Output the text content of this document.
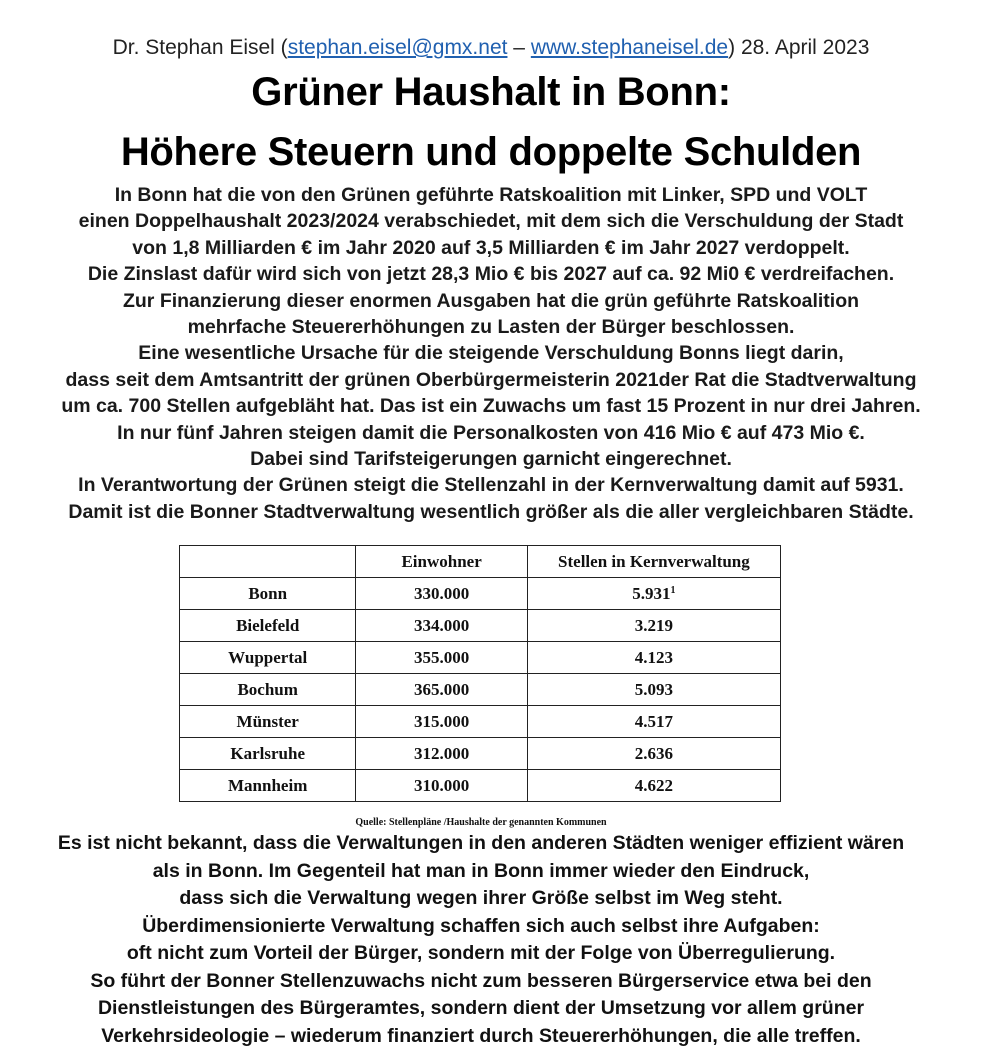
Dr. Stephan Eisel (stephan.eisel@gmx.net – www.stephaneisel.de) 28. April 2023
Grüner Haushalt in Bonn:
Höhere Steuern und doppelte Schulden
In Bonn hat die von den Grünen geführte Ratskoalition mit Linker, SPD und VOLT
einen Doppelhaushalt 2023/2024 verabschiedet, mit dem sich die Verschuldung der Stadt
von 1,8 Milliarden € im Jahr 2020 auf 3,5 Milliarden € im Jahr 2027 verdoppelt.
Die Zinslast dafür wird sich von jetzt 28,3 Mio € bis 2027 auf ca. 92 Mi0 € verdreifachen.
Zur Finanzierung dieser enormen Ausgaben hat die grün geführte Ratskoalition
mehrfache Steuererhöhungen zu Lasten der Bürger beschlossen.
Eine wesentliche Ursache für die steigende Verschuldung Bonns liegt darin,
dass seit dem Amtsantritt der grünen Oberbürgermeisterin 2021der Rat die Stadtverwaltung
um ca. 700 Stellen aufgebläht hat. Das ist ein Zuwachs um fast 15 Prozent in nur drei Jahren.
In nur fünf Jahren steigen damit die Personalkosten von 416 Mio € auf 473 Mio €.
Dabei sind Tarifsteigerungen garnicht eingerechnet.
In Verantwortung der Grünen steigt die Stellenzahl in der Kernverwaltung damit auf 5931.
Damit ist die Bonner Stadtverwaltung wesentlich größer als die aller vergleichbaren Städte.
	Einwohner	Stellen in Kernverwaltung
Bonn	330.000	5.931$^1$
Bielefeld	334.000	3.219
Wuppertal	355.000	4.123
Bochum	365.000	5.093
Münster	315.000	4.517
Karlsruhe	312.000	2.636
Mannheim	310.000	4.622
Quelle: Stellenpläne /Haushalte der genannten Kommunen
Es ist nicht bekannt, dass die Verwaltungen in den anderen Städten weniger effizient wären
als in Bonn. Im Gegenteil hat man in Bonn immer wieder den Eindruck,
dass sich die Verwaltung wegen ihrer Größe selbst im Weg steht.
Überdimensionierte Verwaltung schaffen sich auch selbst ihre Aufgaben:
oft nicht zum Vorteil der Bürger, sondern mit der Folge von Überregulierung.
So führt der Bonner Stellenzuwachs nicht zum besseren Bürgerservice etwa bei den
Dienstleistungen des Bürgeramtes, sondern dient der Umsetzung vor allem grüner
Verkehrsideologie – wiederum finanziert durch Steuererhöhungen, die alle treffen.
